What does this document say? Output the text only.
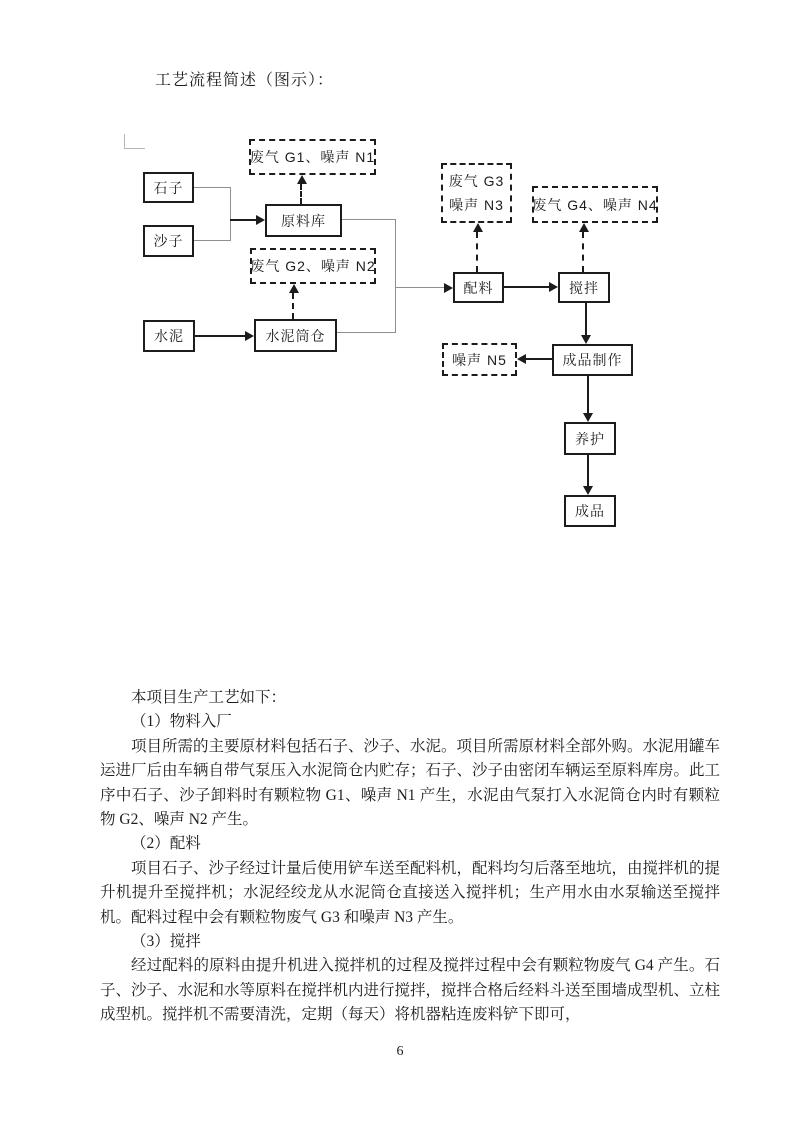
工艺流程简述（图示）：
废气 G1、噪声 N1
废气 G2、噪声 N2
废气 G3
噪声 N3 废气 G4、噪声 N4
噪声 N5
石子
沙子
原料库
水泥	水泥筒仓
配料	搅拌
成品制作
养护
成品

本项目生产工艺如下：

（1）物料入厂

项目所需的主要原材料包括石子、沙子、水泥。项目所需原材料全部外购。水泥用罐车运进厂后由车辆自带气泵压入水泥筒仓内贮存；石子、沙子由密闭车辆运至原料库房。此工序中石子、沙子卸料时有颗粒物 G1、噪声 N1 产生，水泥由气泵打入水泥筒仓内时有颗粒物 G2、噪声 N2 产生。

（2）配料

项目石子、沙子经过计量后使用铲车送至配料机，配料均匀后落至地坑，由搅拌机的提升机提升至搅拌机；水泥经绞龙从水泥筒仓直接送入搅拌机；生产用水由水泵输送至搅拌机。配料过程中会有颗粒物废气 G3 和噪声 N3 产生。

（3）搅拌

经过配料的原料由提升机进入搅拌机的过程及搅拌过程中会有颗粒物废气 G4 产生。石子、沙子、水泥和水等原料在搅拌机内进行搅拌，搅拌合格后经料斗送至围墙成型机、立柱成型机。搅拌机不需要清洗，定期（每天）将机器粘连废料铲下即可，

6
